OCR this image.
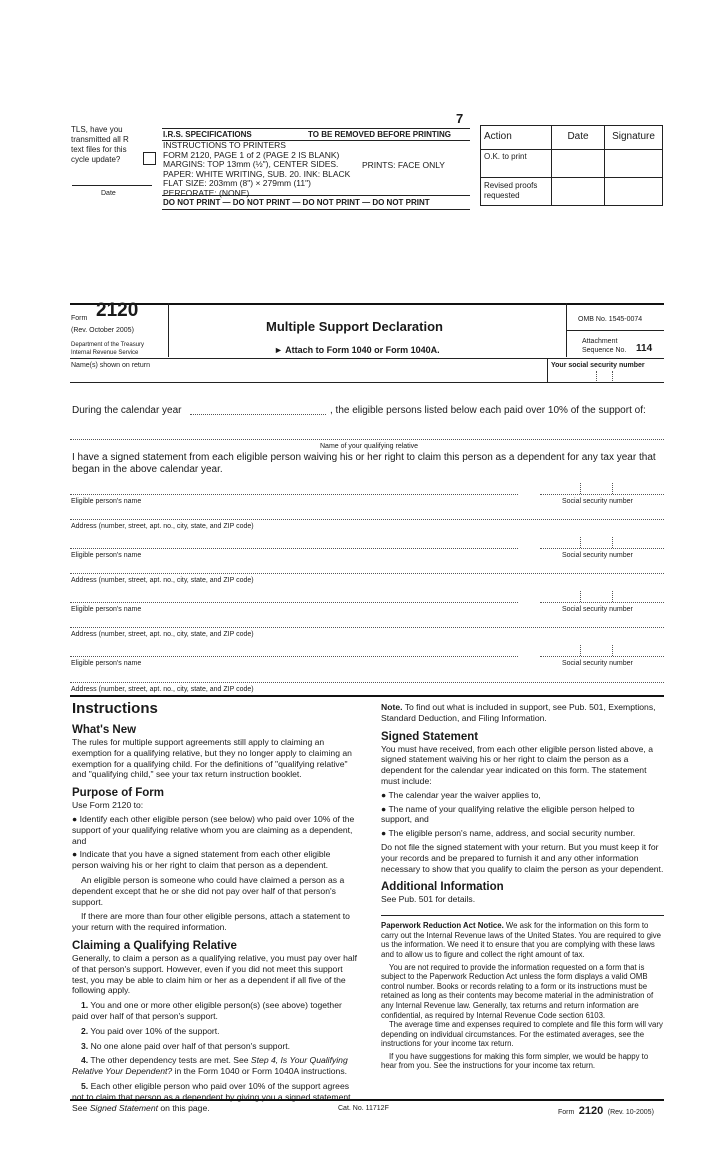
7
TLS, have you
transmitted all R
text files for this
cycle update?
Date
I.R.S. SPECIFICATIONS	TO BE REMOVED BEFORE PRINTING
INSTRUCTIONS TO PRINTERS
FORM 2120, PAGE 1 of 2 (PAGE 2 IS BLANK)
MARGINS: TOP 13mm (½"), CENTER SIDES.
PAPER: WHITE WRITING, SUB. 20. INK: BLACK
FLAT SIZE: 203mm (8") × 279mm (11")
PERFORATE: (NONE)
PRINTS: FACE ONLY
DO NOT PRINT — DO NOT PRINT — DO NOT PRINT — DO NOT PRINT
Action	Date	Signature
O.K. to print		
Revised proofs requested		
Form 2120
(Rev. October 2005)
Department of the Treasury
Internal Revenue Service
Multiple Support Declaration
► Attach to Form 1040 or Form 1040A.
OMB No. 1545-0074
Attachment
Sequence No. 114
Name(s) shown on return	Your social security number
During the calendar year	, the eligible persons listed below each paid over 10% of the support of:
Name of your qualifying relative
I have a signed statement from each eligible person waiving his or her right to claim this person as a dependent for any tax year that began in the above calendar year.
Eligible person's name	Social security number
Address (number, street, apt. no., city, state, and ZIP code)
Eligible person's name	Social security number
Address (number, street, apt. no., city, state, and ZIP code)
Eligible person's name	Social security number
Address (number, street, apt. no., city, state, and ZIP code)
Eligible person's name	Social security number
Address (number, street, apt. no., city, state, and ZIP code)
Instructions
What's New
The rules for multiple support agreements still apply to claiming an exemption for a qualifying relative, but they no longer apply to claiming an exemption for a qualifying child. For the definitions of "qualifying relative" and "qualifying child," see your tax return instruction booklet.
Purpose of Form
Use Form 2120 to:
● Identify each other eligible person (see below) who paid over 10% of the support of your qualifying relative whom you are claiming as a dependent, and
● Indicate that you have a signed statement from each other eligible person waiving his or her right to claim that person as a dependent.
An eligible person is someone who could have claimed a person as a dependent except that he or she did not pay over half of that person's support.
If there are more than four other eligible persons, attach a statement to your return with the required information.
Claiming a Qualifying Relative
Generally, to claim a person as a qualifying relative, you must pay over half of that person's support. However, even if you did not meet this support test, you may be able to claim him or her as a dependent if all five of the following apply.
1. You and one or more other eligible person(s) (see above) together paid over half of that person's support.
2. You paid over 10% of the support.
3. No one alone paid over half of that person's support.
4. The other dependency tests are met. See Step 4, Is Your Qualifying Relative Your Dependent? in the Form 1040 or Form 1040A instructions.
5. Each other eligible person who paid over 10% of the support agrees not to claim that person as a dependent by giving you a signed statement. See Signed Statement on this page.
Note. To find out what is included in support, see Pub. 501, Exemptions, Standard Deduction, and Filing Information.
Signed Statement
You must have received, from each other eligible person listed above, a signed statement waiving his or her right to claim the person as a dependent for the calendar year indicated on this form. The statement must include:
● The calendar year the waiver applies to,
● The name of your qualifying relative the eligible person helped to support, and
● The eligible person's name, address, and social security number.
Do not file the signed statement with your return. But you must keep it for your records and be prepared to furnish it and any other information necessary to show that you qualify to claim the person as your dependent.
Additional Information
See Pub. 501 for details.
Paperwork Reduction Act Notice. We ask for the information on this form to carry out the Internal Revenue laws of the United States. You are required to give us the information. We need it to ensure that you are complying with these laws and to allow us to figure and collect the right amount of tax.
You are not required to provide the information requested on a form that is subject to the Paperwork Reduction Act unless the form displays a valid OMB control number. Books or records relating to a form or its instructions must be retained as long as their contents may become material in the administration of any Internal Revenue law. Generally, tax returns and return information are confidential, as required by Internal Revenue Code section 6103.
The average time and expenses required to complete and file this form will vary depending on individual circumstances. For the estimated averages, see the instructions for your income tax return.
If you have suggestions for making this form simpler, we would be happy to hear from you. See the instructions for your income tax return.
Cat. No. 11712F
Form 2120 (Rev. 10-2005)
